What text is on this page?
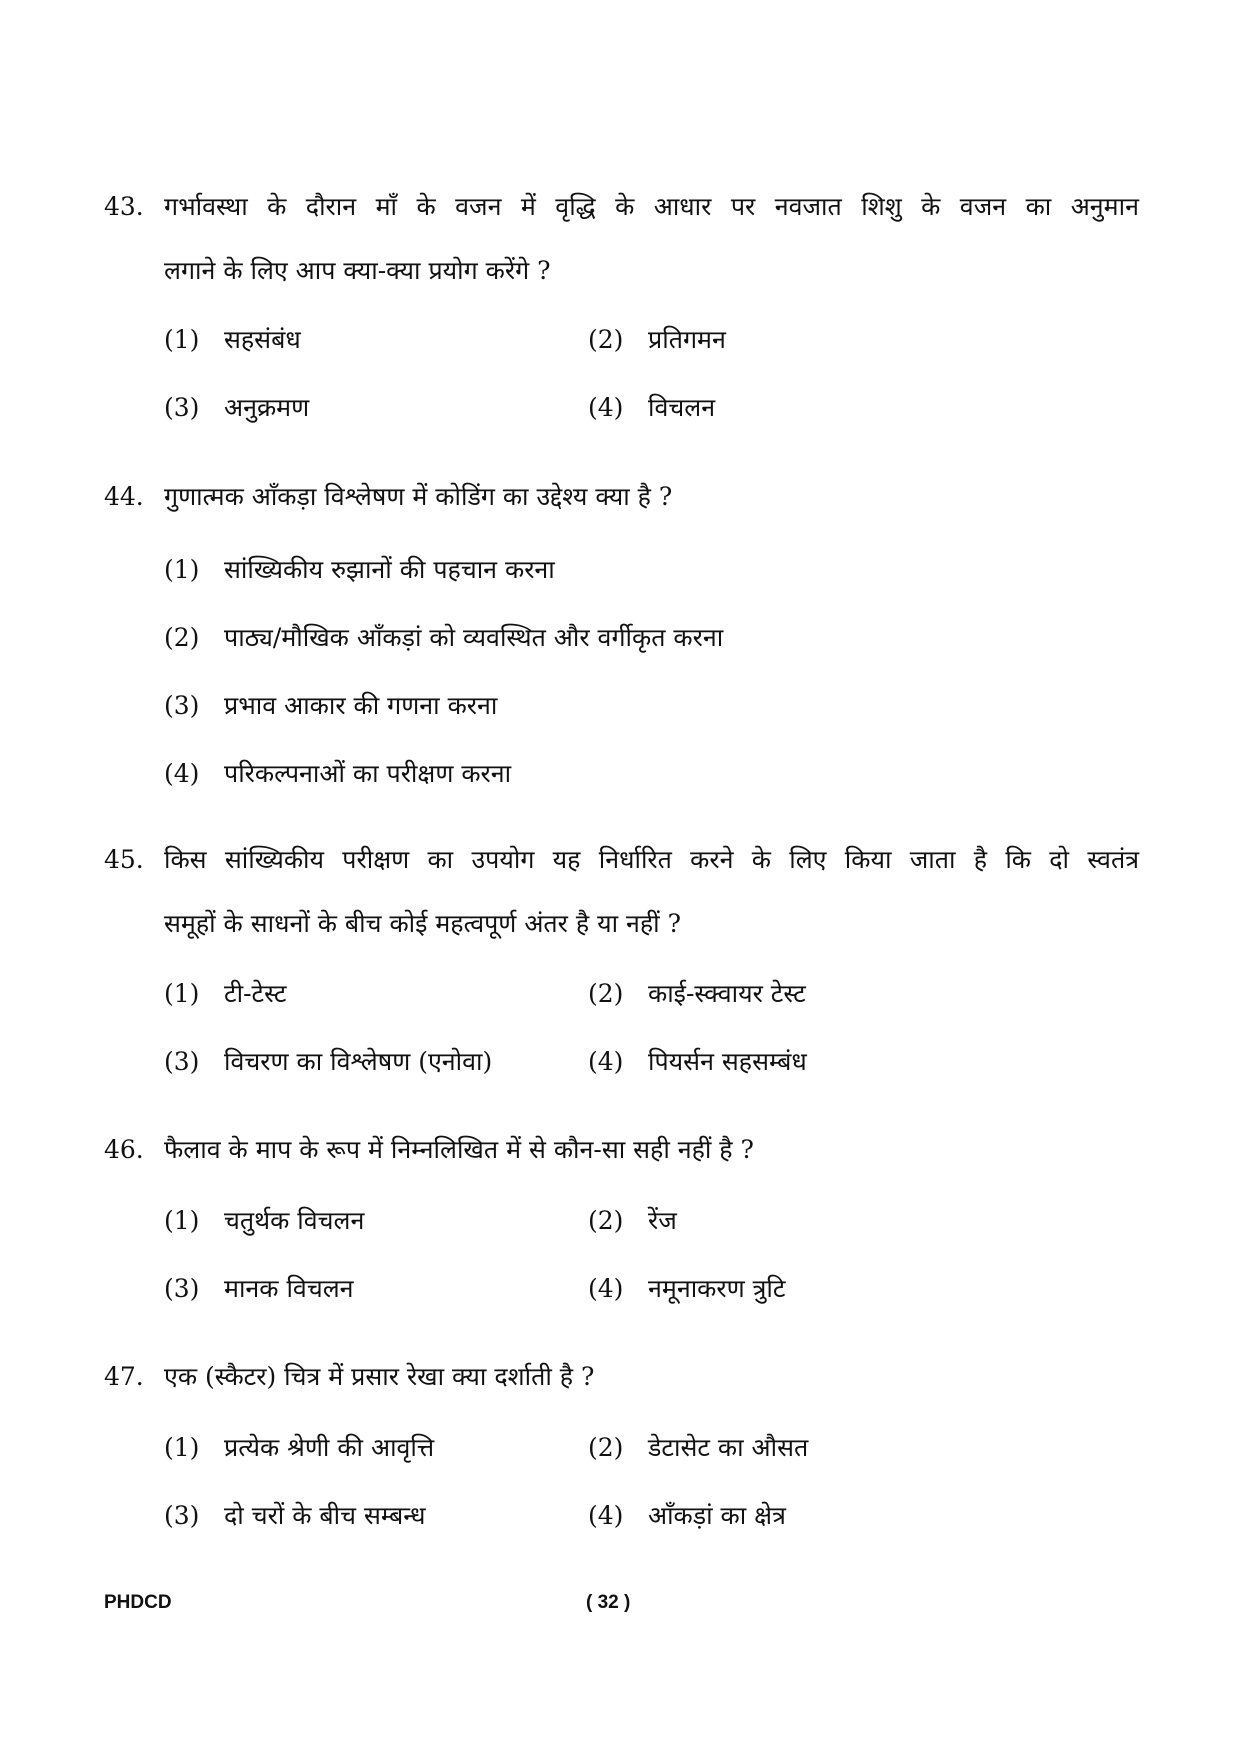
43. गर्भावस्था के दौरान माँ के वजन में वृद्धि के आधार पर नवजात शिशु के वजन का अनुमान
लगाने के लिए आप क्या-क्या प्रयोग करेंगे ?
(1) सहसंबंध	(2) प्रतिगमन
(3) अनुक्रमण	(4) विचलन
44. गुणात्मक आँकड़ा विश्लेषण में कोडिंग का उद्देश्य क्या है ?
(1) सांख्यिकीय रुझानों की पहचान करना
(2) पाठ्य/मौखिक आँकड़ां को व्यवस्थित और वर्गीकृत करना
(3) प्रभाव आकार की गणना करना
(4) परिकल्पनाओं का परीक्षण करना
45. किस सांख्यिकीय परीक्षण का उपयोग यह निर्धारित करने के लिए किया जाता है कि दो स्वतंत्र
समूहों के साधनों के बीच कोई महत्वपूर्ण अंतर है या नहीं ?
(1) टी-टेस्ट	(2) काई-स्क्वायर टेस्ट
(3) विचरण का विश्लेषण (एनोवा)	(4) पियर्सन सहसम्बंध
46. फैलाव के माप के रूप में निम्नलिखित में से कौन-सा सही नहीं है ?
(1) चतुर्थक विचलन	(2) रेंज
(3) मानक विचलन	(4) नमूनाकरण त्रुटि
47. एक (स्कैटर) चित्र में प्रसार रेखा क्या दर्शाती है ?
(1) प्रत्येक श्रेणी की आवृत्ति	(2) डेटासेट का औसत
(3) दो चरों के बीच सम्बन्ध	(4) आँकड़ां का क्षेत्र
PHDCD	( 32 )
